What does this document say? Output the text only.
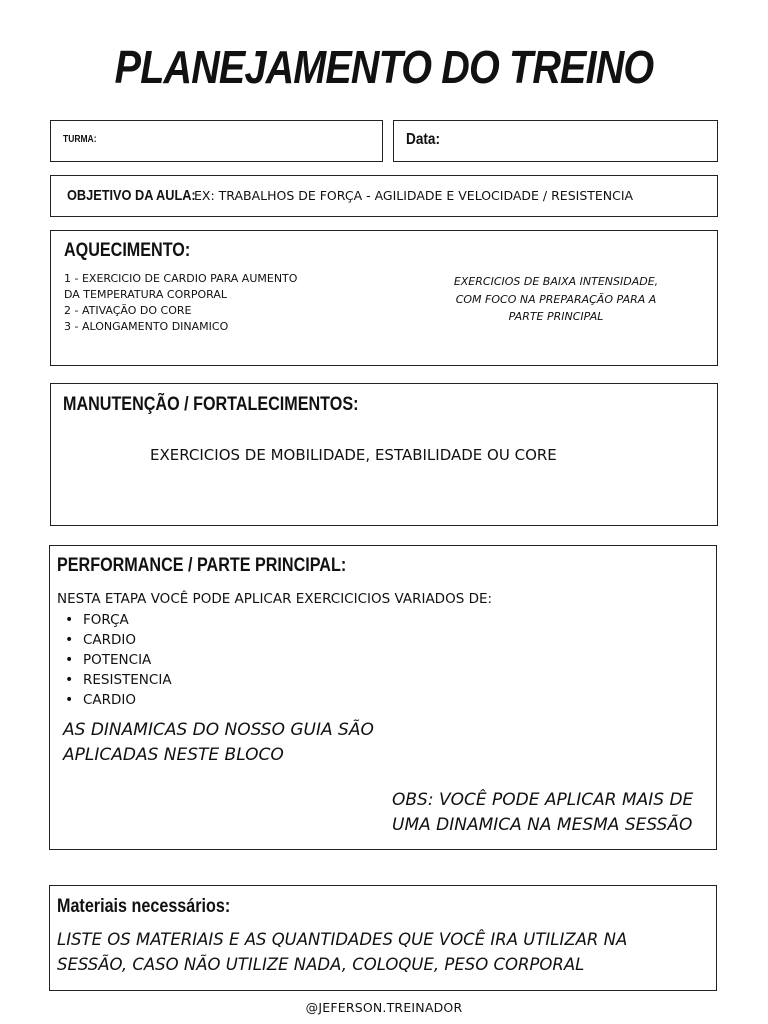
PLANEJAMENTO DO TREINO
TURMA:	Data:
OBJETIVO DA AULA:
EX: TRABALHOS DE FORÇA - AGILIDADE E VELOCIDADE / RESISTENCIA
AQUECIMENTO:
1 - EXERCICIO DE CARDIO PARA AUMENTO
DA TEMPERATURA CORPORAL
2 - ATIVAÇÃO DO CORE
3 - ALONGAMENTO DINAMICO
EXERCICIOS DE BAIXA INTENSIDADE,
COM FOCO NA PREPARAÇÃO PARA A
PARTE PRINCIPAL
MANUTENÇÃO / FORTALECIMENTOS:
EXERCICIOS DE MOBILIDADE, ESTABILIDADE OU CORE
PERFORMANCE / PARTE PRINCIPAL:
NESTA ETAPA VOCÊ PODE APLICAR EXERCICICIOS VARIADOS DE:
• FORÇA
• CARDIO
• POTENCIA
• RESISTENCIA
• CARDIO
AS DINAMICAS DO NOSSO GUIA SÃO
APLICADAS NESTE BLOCO
OBS: VOCÊ PODE APLICAR MAIS DE
UMA DINAMICA NA MESMA SESSÃO
Materiais necessários:
LISTE OS MATERIAIS E AS QUANTIDADES QUE VOCÊ IRA UTILIZAR NA
SESSÃO, CASO NÃO UTILIZE NADA, COLOQUE, PESO CORPORAL
@JEFERSON.TREINADOR
